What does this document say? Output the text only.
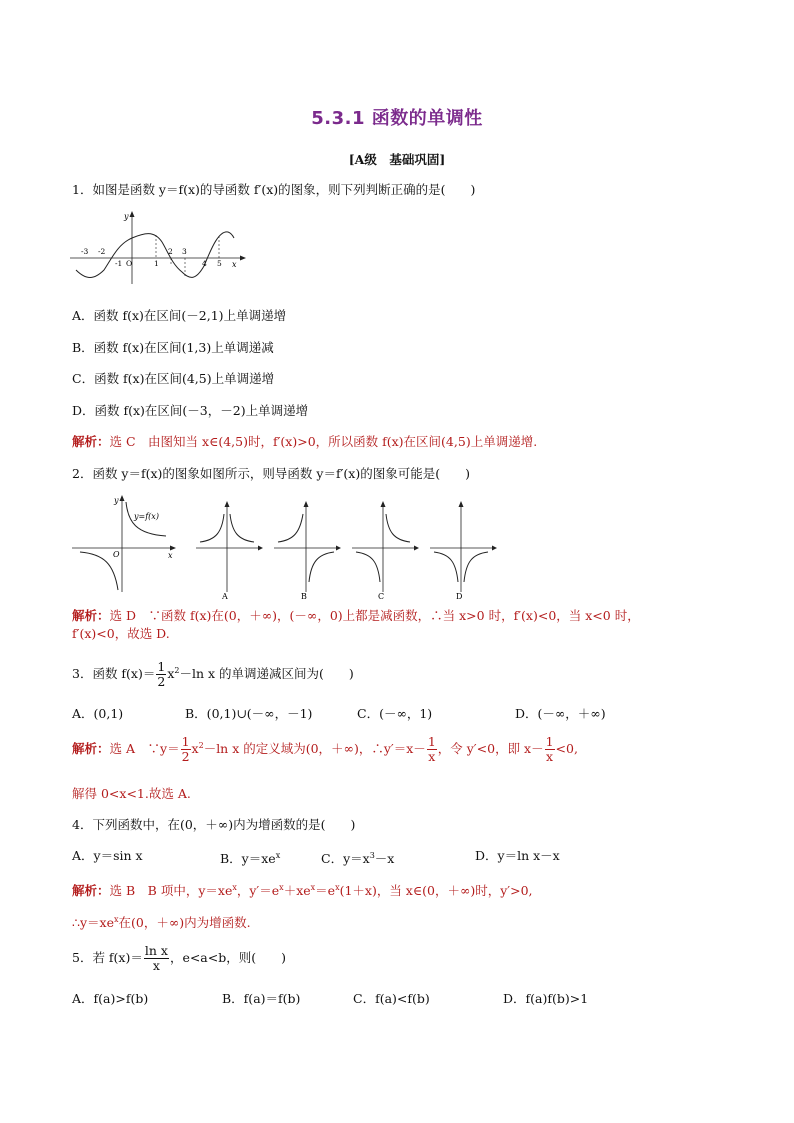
5.3.1 函数的单调性
[A级　基础巩固]
1．如图是函数 y＝f(x)的导函数 f′(x)的图象，则下列判断正确的是(　　)
y
x
-3 -2
-1 O	1
2 3
4 5
A．函数 f(x)在区间(－2,1)上单调递增
B．函数 f(x)在区间(1,3)上单调递减
C．函数 f(x)在区间(4,5)上单调递增
D．函数 f(x)在区间(－3，－2)上单调递增
解析：选 C　由图知当 x∈(4,5)时，f′(x)>0，所以函数 f(x)在区间(4,5)上单调递增.
2．函数 y＝f(x)的图象如图所示，则导函数 y＝f′(x)的图象可能是(　　)
y
x
O
y=f(x)
A	B	C	D
解析：选 D　∵函数 f(x)在(0，＋∞)，(－∞，0)上都是减函数，∴当 x>0 时，f′(x)<0，当 x<0 时，
f′(x)<0，故选 D.
3．函数 $f(x)= \frac{1}{2} x^2-\ln$ x 的单调递减区间为(　　)
A．(0,1)	B．(0,1)∪(－∞，－1)	C．(－∞，1)	D．(－∞，＋∞)
解析：选 A　∵y＝ $\frac{1}{2} x^2-\ln$ x 的定义域为(0，＋∞)，∴y′＝x－ $\frac{1}{x}$ ，令 y′<0，即 $x- \frac{1}{x} <0$,
解得 0<x<1.故选 A.
4．下列函数中，在(0，＋∞)内为增函数的是(　　)
A．y＝sin x	B．$y=xe^x$	C．$y=x^3-x$	D．y＝ln x－x
解析：选 B　B 项中，$y=xe^x$，$y'=e^x+xe^x=e^x(1+x)$，当 x∈(0，＋∞)时，y′>0,
$\therefore y=xe^x$在(0，＋∞)内为增函数.
5．若 $f(x)= \frac{\text{ln x}}{x}$ ，e<a<b，则(　　)
A．f(a)>f(b)	B．f(a)＝f(b)	C．f(a)<f(b)	D．f(a)f(b)>1
